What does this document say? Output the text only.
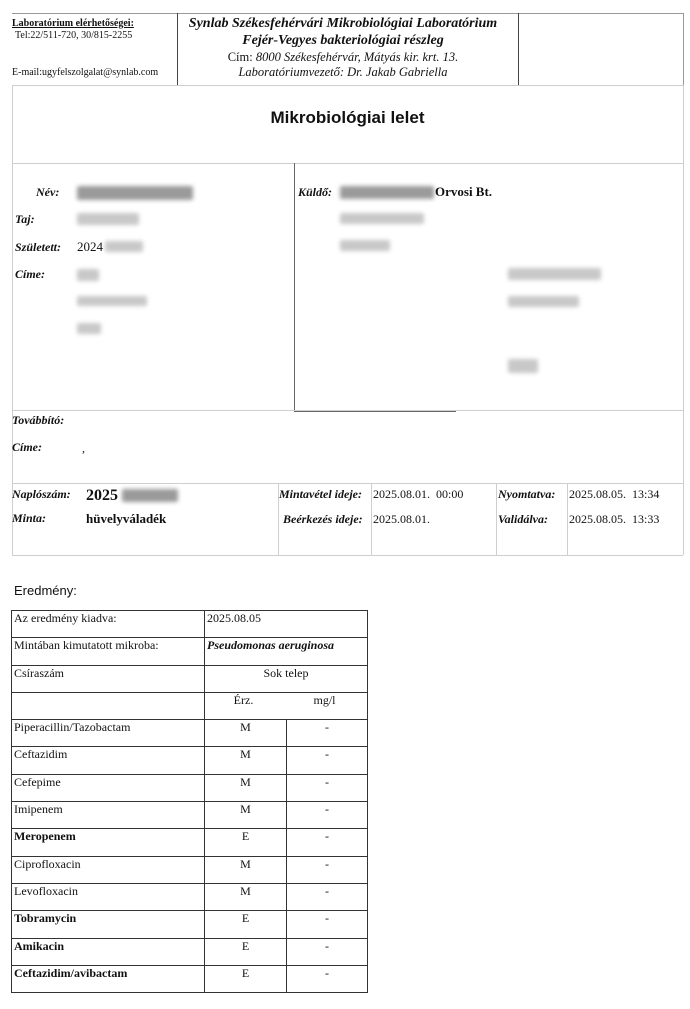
Laboratórium elérhetőségei:
Tel:22/511-720, 30/815-2255
E-mail:ugyfelszolgalat@synlab.com
Synlab Székesfehérvári Mikrobiológiai Laboratórium
Fejér-Vegyes bakteriológiai részleg
Cím: 8000 Székesfehérvár, Mátyás kir. krt. 13.
Laboratóriumvezető: Dr. Jakab Gabriella
Mikrobiológiai lelet
Név:
Taj:
Született: 2024
Címe:
Küldő:	Orvosi Bt.
Továbbító:
Címe:	,
Naplószám: 2025
Minta:	hüvelyváladék
Mintavétel ideje: 2025.08.01.  00:00
Beérkezés ideje: 2025.08.01.
Nyomtatva: 2025.08.05.  13:34
Validálva: 2025.08.05.  13:33
Eredmény:
Az eredmény kiadva:	2025.08.05	
Mintában kimutatott mikroba:	Pseudomonas aeruginosa	
Csíraszám	Sok telep	

	Érz. mg/l	

Piperacillin/Tazobactam	M	-
Ceftazidim	M	-
Cefepime	M	-
Imipenem	M	-
Meropenem	E	-
Ciprofloxacin	M	-
Levofloxacin	M	-
Tobramycin	E	-
Amikacin	E	-
Ceftazidim/avibactam	E	-
